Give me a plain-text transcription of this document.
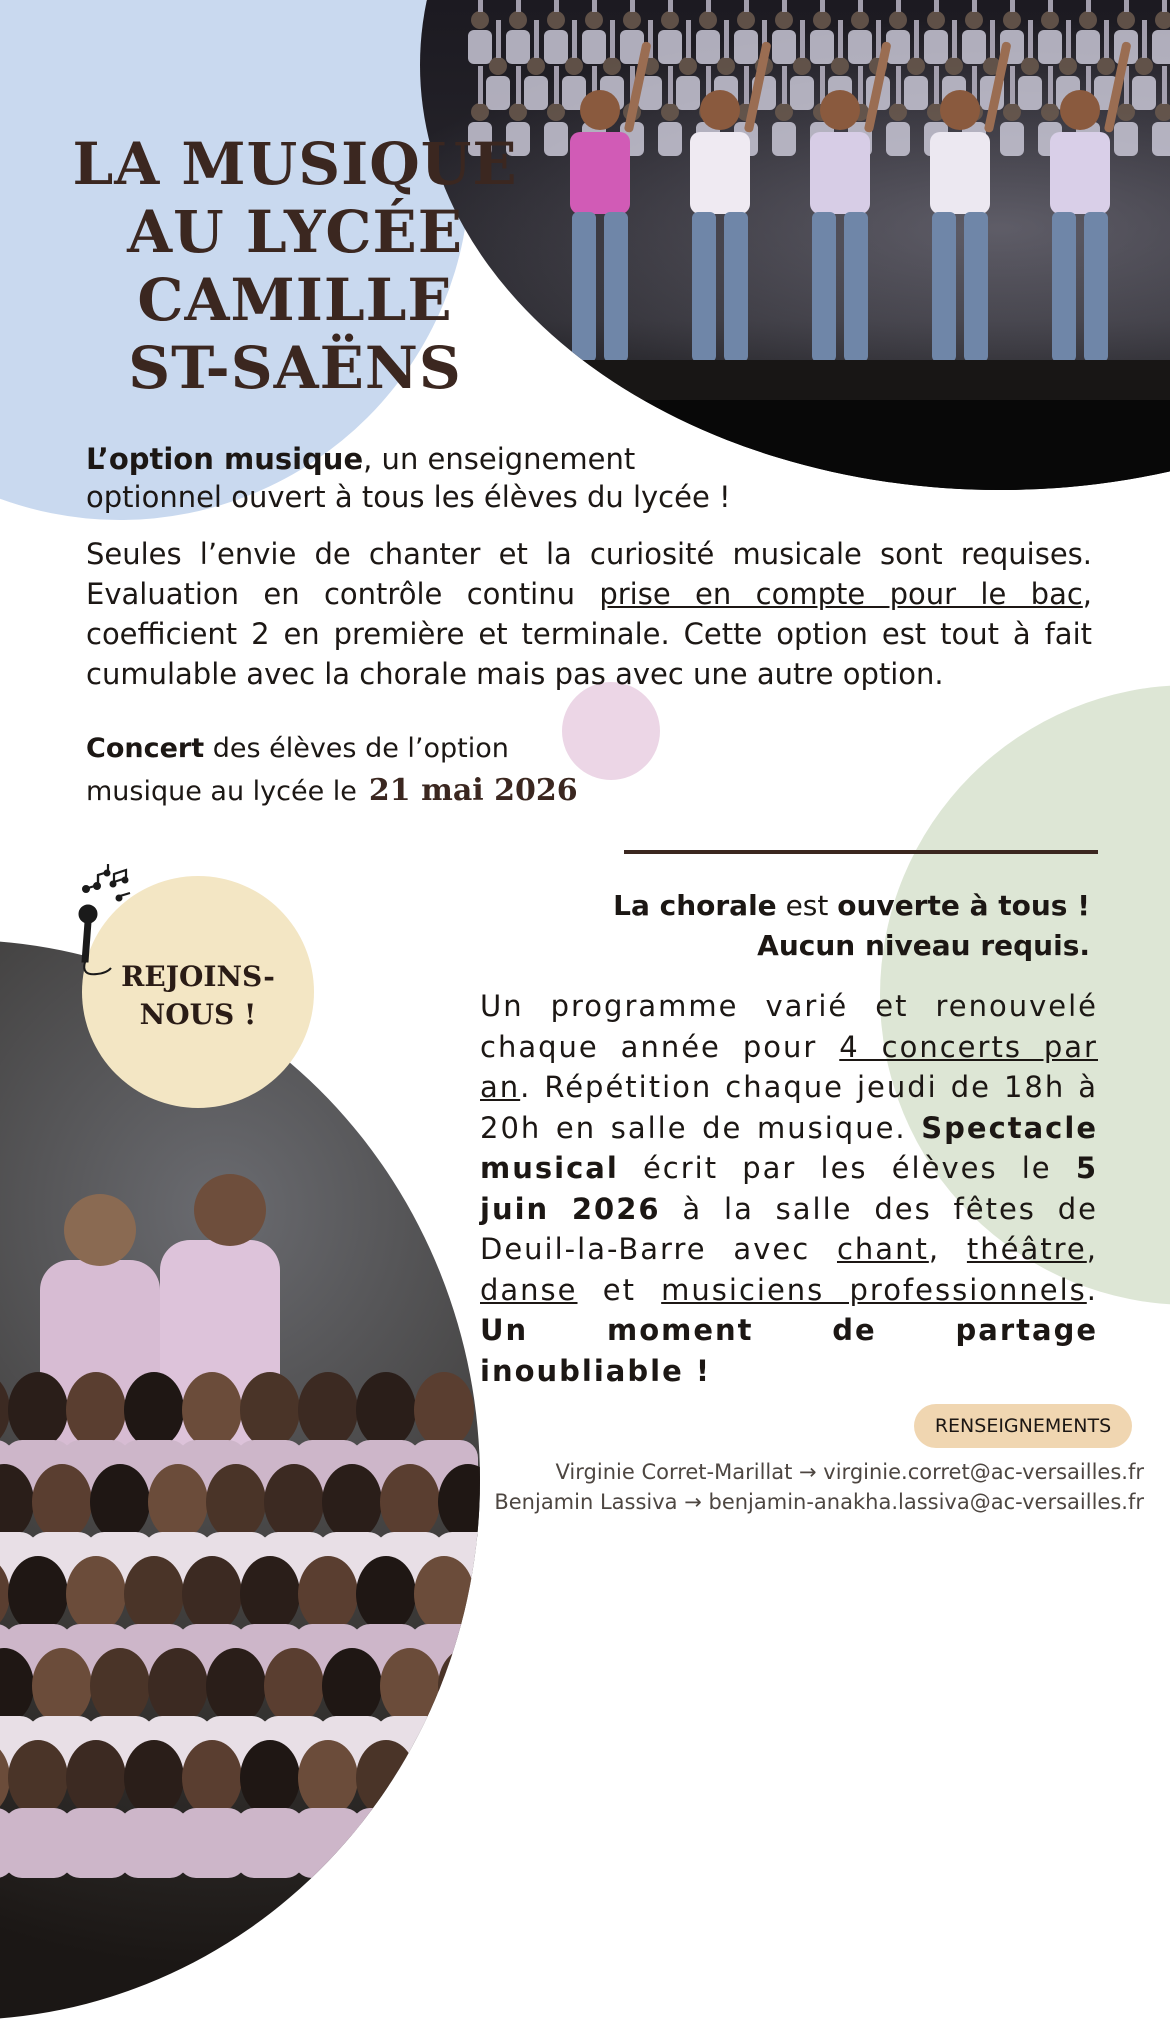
LA MUSIQUE
AU LYCÉE
CAMILLE
ST-SAËNS
L’option musique, un enseignement
optionnel ouvert à tous les élèves du lycée !
Seules l’envie de chanter et la curiosité musicale sont requises. Evaluation en contrôle continu prise en compte pour le bac, coefficient 2 en première et terminale. Cette option est tout à fait cumulable avec la chorale mais pas avec une autre option.
Concert des élèves de l’option musique au lycée le 21 mai 2026
La chorale est ouverte à tous !
Aucun niveau requis.
Un programme varié et renouvelé chaque année pour 4 concerts par an. Répétition chaque jeudi de 18h à 20h en salle de musique. Spectacle musical écrit par les élèves le 5 juin 2026 à la salle des fêtes de Deuil-la-Barre avec chant, théâtre, danse et musiciens professionnels. Un moment de partage inoubliable !
REJOINS-
NOUS !
RENSEIGNEMENTS
Virginie Corret-Marillat → virginie.corret@ac-versailles.fr
Benjamin Lassiva → benjamin-anakha.lassiva@ac-versailles.fr
